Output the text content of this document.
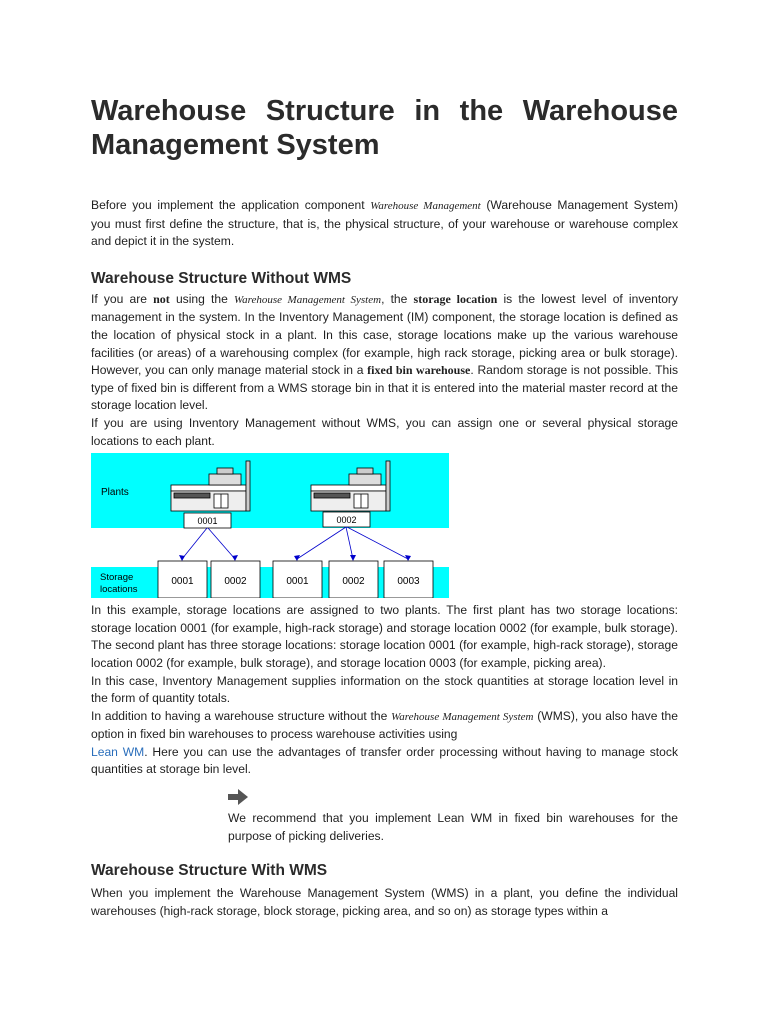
Warehouse Structure in the Warehouse
Management System

Before you implement the application component Warehouse Management (Warehouse Management System) you must first define the structure, that is, the physical structure, of your warehouse or warehouse complex and depict it in the system.

Warehouse Structure Without WMS

If you are not using the Warehouse Management System, the storage location is the lowest level of inventory management in the system. In the Inventory Management (IM) component, the storage location is defined as the location of physical stock in a plant. In this case, storage locations make up the various warehouse facilities (or areas) of a warehousing complex (for example, high rack storage, picking area or bulk storage). However, you can only manage material stock in a fixed bin warehouse. Random storage is not possible. This type of fixed bin is different from a WMS storage bin in that it is entered into the material master record at the storage location level.

If you are using Inventory Management without WMS, you can assign one or several physical storage locations to each plant.

Plants
Storage
locations
0001	0002
0001	0002	0001	0002	0003

In this example, storage locations are assigned to two plants. The first plant has two storage locations: storage location 0001 (for example, high-rack storage) and storage location 0002 (for example, bulk storage). The second plant has three storage locations: storage location 0001 (for example, high-rack storage), storage location 0002 (for example, bulk storage), and storage location 0003 (for example, picking area).

In this case, Inventory Management supplies information on the stock quantities at storage location level in the form of quantity totals.

In addition to having a warehouse structure without the Warehouse Management System (WMS), you also have the option in fixed bin warehouses to process warehouse activities using

Lean WM. Here you can use the advantages of transfer order processing without having to manage stock quantities at storage bin level.

We recommend that you implement Lean WM in fixed bin warehouses for the purpose of picking deliveries.

Warehouse Structure With WMS

When you implement the Warehouse Management System (WMS) in a plant, you define the individual warehouses (high-rack storage, block storage, picking area, and so on) as storage types within a
